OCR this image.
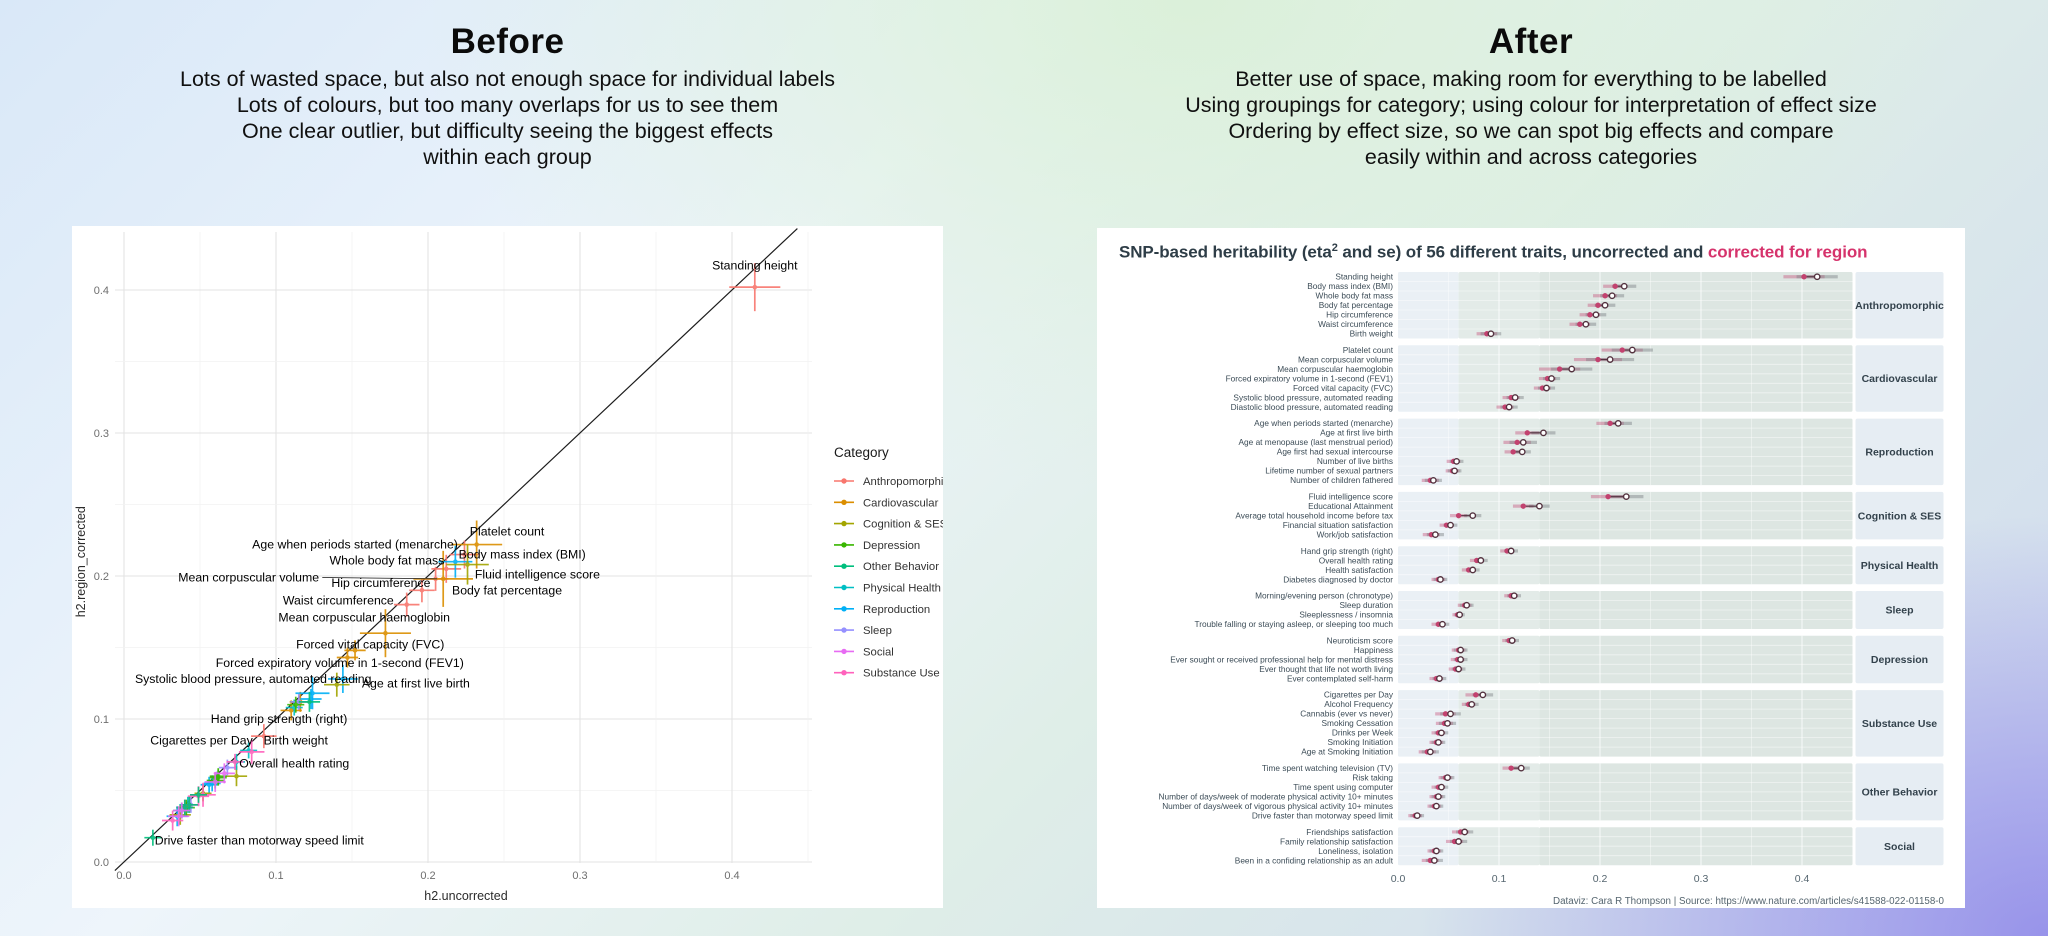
Before
Lots of wasted space, but also not enough space for individual labels
Lots of colours, but too many overlaps for us to see them
One clear outlier, but difficulty seeing the biggest effects
within each group
Standing height
Platelet count
Body mass index (BMI)
Fluid intelligence score
Age when periods started (menarche)
Whole body fat mass
Mean corpuscular volume Hip circumference
Body fat percentage
Waist circumference
Mean corpuscular haemoglobin
Forced vital capacity (FVC)
Forced expiratory volume in 1-second (FEV1)
Systolic blood pressure, automated reading
Age at first live birth
Hand grip strength (right)
Cigarettes per Day Birth weight
Overall health rating
Drive faster than motorway speed limit
0.0	0.1	0.2	0.3	0.4
0.0
0.1
0.2
0.3
0.4
h2.uncorrected
h2.region_corrected
Category
Anthropomorphic
Cardiovascular
Cognition & SES
Depression
Other Behavior
Physical Health
Reproduction
Sleep
Social
Substance Use
After
Better use of space, making room for everything to be labelled
Using groupings for category; using colour for interpretation of effect size
Ordering by effect size, so we can spot big effects and compare
easily within and across categories
SNP-based heritability (eta$^2$ and se) of 56 different traits, uncorrected and corrected for region
Standing height
Body mass index (BMI)
Whole body fat mass
Body fat percentage
Hip circumference
Waist circumference
Birth weight
Anthropomorphic
Platelet count
Mean corpuscular volume
Mean corpuscular haemoglobin
Forced expiratory volume in 1-second (FEV1)
Forced vital capacity (FVC)
Systolic blood pressure, automated reading
Diastolic blood pressure, automated reading
Cardiovascular
Age when periods started (menarche)
Age at first live birth
Age at menopause (last menstrual period)
Age first had sexual intercourse
Number of live births
Lifetime number of sexual partners
Number of children fathered
Reproduction
Fluid intelligence score
Educational Attainment
Average total household income before tax
Financial situation satisfaction
Work/job satisfaction
Cognition & SES
Hand grip strength (right)
Overall health rating
Health satisfaction
Diabetes diagnosed by doctor
Physical Health
Morning/evening person (chronotype)
Sleep duration
Sleeplessness / insomnia
Trouble falling or staying asleep, or sleeping too much
Sleep
Neuroticism score
Happiness
Ever sought or received professional help for mental distress
Ever thought that life not worth living
Ever contemplated self-harm
Depression
Cigarettes per Day
Alcohol Frequency
Cannabis (ever vs never)
Smoking Cessation
Drinks per Week
Smoking Initiation
Age at Smoking Initiation
Substance Use
Time spent watching television (TV)
Risk taking
Time spent using computer
Number of days/week of moderate physical activity 10+ minutes
Number of days/week of vigorous physical activity 10+ minutes
Drive faster than motorway speed limit
Other Behavior
Friendships satisfaction
Family relationship satisfaction
Loneliness, isolation
Been in a confiding relationship as an adult
Social
0.0	0.1	0.2	0.3	0.4
Dataviz: Cara R Thompson | Source: https://www.nature.com/articles/s41588-022-01158-0
